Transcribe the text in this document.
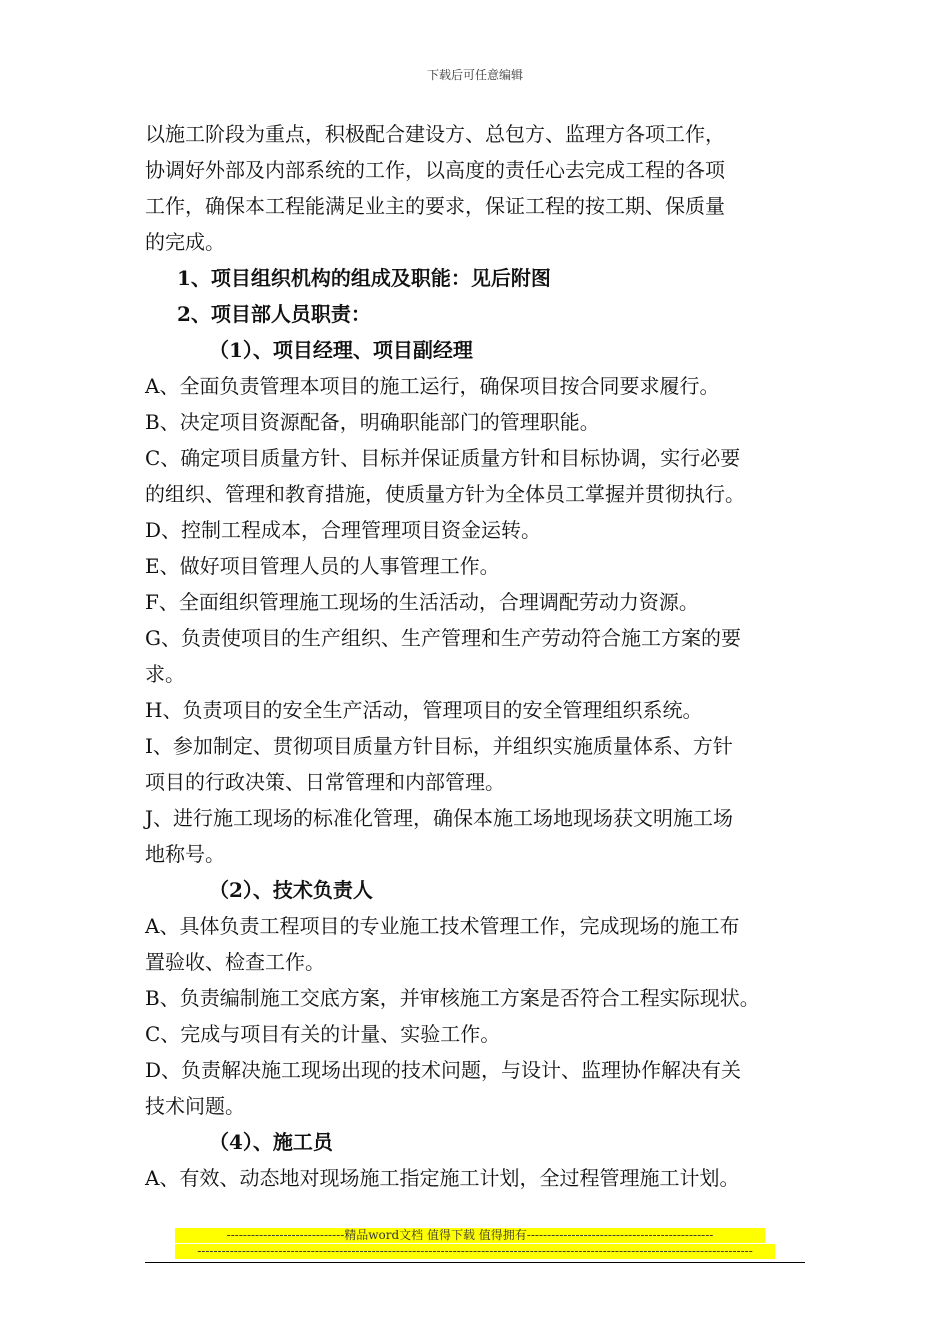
下载后可任意编辑

以施工阶段为重点，积极配合建设方、总包方、监理方各项工作，

协调好外部及内部系统的工作，以高度的责任心去完成工程的各项

工作，确保本工程能满足业主的要求，保证工程的按工期、保质量

的完成。

1、项目组织机构的组成及职能：见后附图

2、项目部人员职责：

（1）、项目经理、项目副经理

A、全面负责管理本项目的施工运行，确保项目按合同要求履行。

B、决定项目资源配备，明确职能部门的管理职能。

C、确定项目质量方针、目标并保证质量方针和目标协调，实行必要

的组织、管理和教育措施，使质量方针为全体员工掌握并贯彻执行。

D、控制工程成本，合理管理项目资金运转。

E、做好项目管理人员的人事管理工作。

F、全面组织管理施工现场的生活活动，合理调配劳动力资源。

G、负责使项目的生产组织、生产管理和生产劳动符合施工方案的要

求。

H、负责项目的安全生产活动，管理项目的安全管理组织系统。

I、参加制定、贯彻项目质量方针目标，并组织实施质量体系、方针

项目的行政决策、日常管理和内部管理。

J、进行施工现场的标准化管理，确保本施工场地现场获文明施工场

地称号。

（2）、技术负责人

A、具体负责工程项目的专业施工技术管理工作，完成现场的施工布

置验收、检查工作。

B、负责编制施工交底方案，并审核施工方案是否符合工程实际现状。

C、完成与项目有关的计量、实验工作。

D、负责解决施工现场出现的技术问题，与设计、监理协作解决有关

技术问题。

（4）、施工员

A、有效、动态地对现场施工指定施工计划，全过程管理施工计划。

-----------------------------精品word文档 值得下载 值得拥有----------------------------------------------
-----------------------------------------------------------------------------------------------------------------------------------------
